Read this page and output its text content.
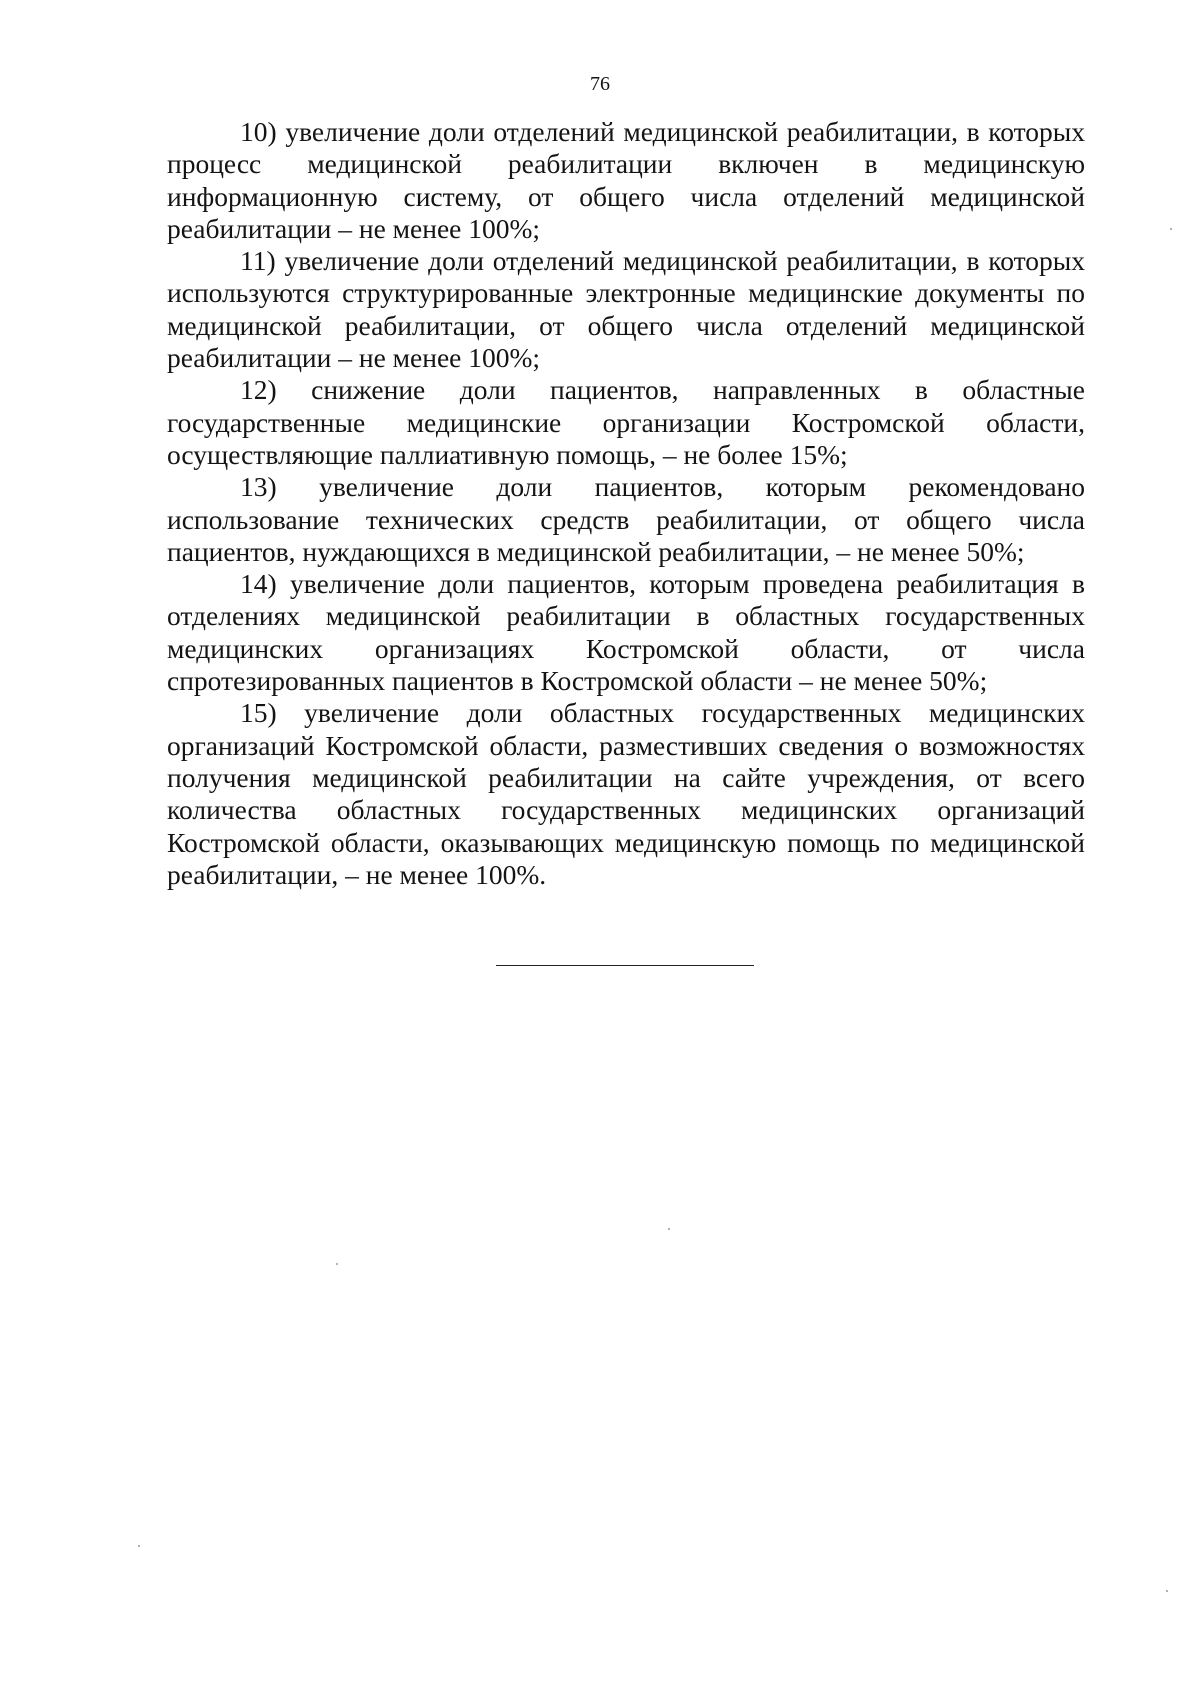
76

10) увеличение доли отделений медицинской реабилитации, в которых процесс медицинской реабилитации включен в медицинскую информационную систему, от общего числа отделений медицинской реабилитации – не менее 100%;

11) увеличение доли отделений медицинской реабилитации, в которых используются структурированные электронные медицинские документы по медицинской реабилитации, от общего числа отделений медицинской реабилитации – не менее 100%;

12) снижение доли пациентов, направленных в областные государственные медицинские организации Костромской области, осуществляющие паллиативную помощь, – не более 15%;

13) увеличение доли пациентов, которым рекомендовано использование технических средств реабилитации, от общего числа пациентов, нуждающихся в медицинской реабилитации, – не менее 50%;

14) увеличение доли пациентов, которым проведена реабилитация в отделениях медицинской реабилитации в областных государственных медицинских организациях Костромской области, от числа спротезированных пациентов в Костромской области – не менее 50%;

15) увеличение доли областных государственных медицинских организаций Костромской области, разместивших сведения о возможностях получения медицинской реабилитации на сайте учреждения, от всего количества областных государственных медицинских организаций Костромской области, оказывающих медицинскую помощь по медицинской реабилитации, – не менее 100%.
